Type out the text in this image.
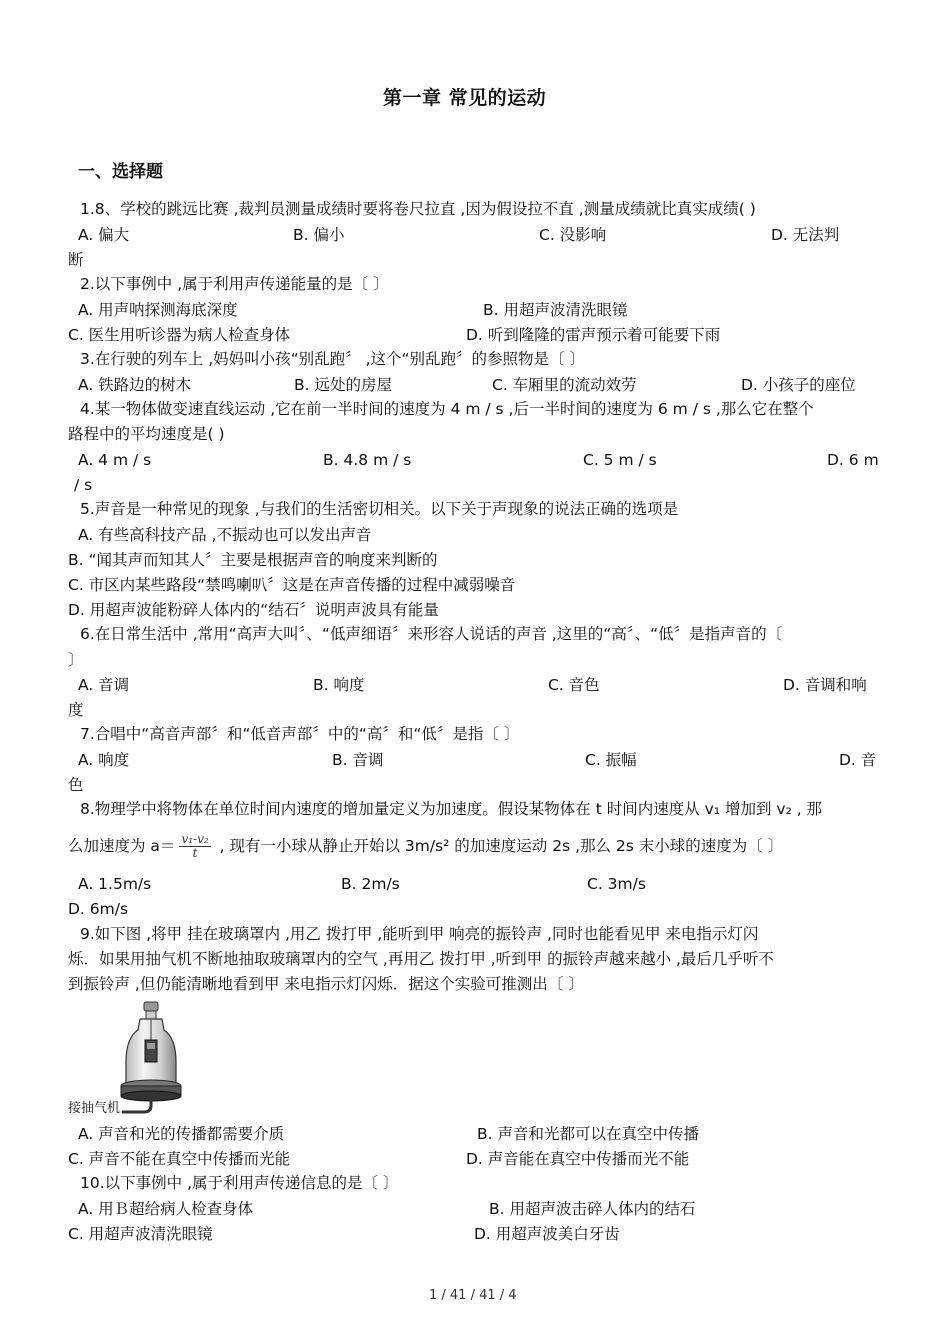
第一章 常见的运动
一、选择题
1.8、学校的跳远比赛 ,裁判员测量成绩时要将卷尺拉直 ,因为假设拉不直 ,测量成绩就比真实成绩( )
A. 偏大	B. 偏小	C. 没影响	D. 无法判
断
2.以下事例中 ,属于利用声传递能量的是〔 〕
A. 用声呐探测海底深度	B. 用超声波清洗眼镜
C. 医生用听诊器为病人检查身体	D. 听到隆隆的雷声预示着可能要下雨
3.在行驶的列车上 ,妈妈叫小孩“别乱跑〞 ,这个“别乱跑〞的参照物是〔 〕
A. 铁路边的树木	B. 远处的房屋	C. 车厢里的流动效劳	D. 小孩子的座位
4.某一物体做变速直线运动 ,它在前一半时间的速度为 4 m / s ,后一半时间的速度为 6 m / s ,那么它在整个
路程中的平均速度是( )
A. 4 m / s	B. 4.8 m / s	C. 5 m / s	D. 6 m
/ s
5.声音是一种常见的现象 ,与我们的生活密切相关。以下关于声现象的说法正确的选项是
A. 有些高科技产品 ,不振动也可以发出声音
B. “闻其声而知其人〞主要是根据声音的响度来判断的
C. 市区内某些路段“禁鸣喇叭〞这是在声音传播的过程中减弱噪音
D. 用超声波能粉碎人体内的“结石〞说明声波具有能量
6.在日常生活中 ,常用“高声大叫〞、“低声细语〞来形容人说话的声音 ,这里的“高〞、“低〞是指声音的〔
〕
A. 音调	B. 响度	C. 音色	D. 音调和响
度
7.合唱中“高音声部〞和“低音声部〞中的“高〞和“低〞是指〔 〕
A. 响度	B. 音调	C. 振幅	D. 音
色
8.物理学中将物体在单位时间内速度的增加量定义为加速度。假设某物体在 t 时间内速度从 v₁ 增加到 v₂ , 那
么加速度为 $a= \frac{\text{v₁-v₂}}{t}$ , 现有一小球从静止开始以 3m/s² 的加速度运动 2s ,那么 2s 末小球的速度为〔 〕
A. 1.5m/s	B. 2m/s	C. 3m/s
D. 6m/s
9.如下图 ,将甲 挂在玻璃罩内 ,用乙 拨打甲 ,能听到甲 响亮的振铃声 ,同时也能看见甲 来电指示灯闪
烁．如果用抽气机不断地抽取玻璃罩内的空气 ,再用乙 拨打甲 ,听到甲 的振铃声越来越小 ,最后几乎听不
到振铃声 ,但仍能清晰地看到甲 来电指示灯闪烁．据这个实验可推测出〔 〕
接抽气机
A. 声音和光的传播都需要介质	B. 声音和光都可以在真空中传播
C. 声音不能在真空中传播而光能	D. 声音能在真空中传播而光不能
10.以下事例中 ,属于利用声传递信息的是〔 〕
A. 用Ｂ超给病人检查身体	B. 用超声波击碎人体内的结石
C. 用超声波清洗眼镜	D. 用超声波美白牙齿
1 / 41 / 41 / 4
